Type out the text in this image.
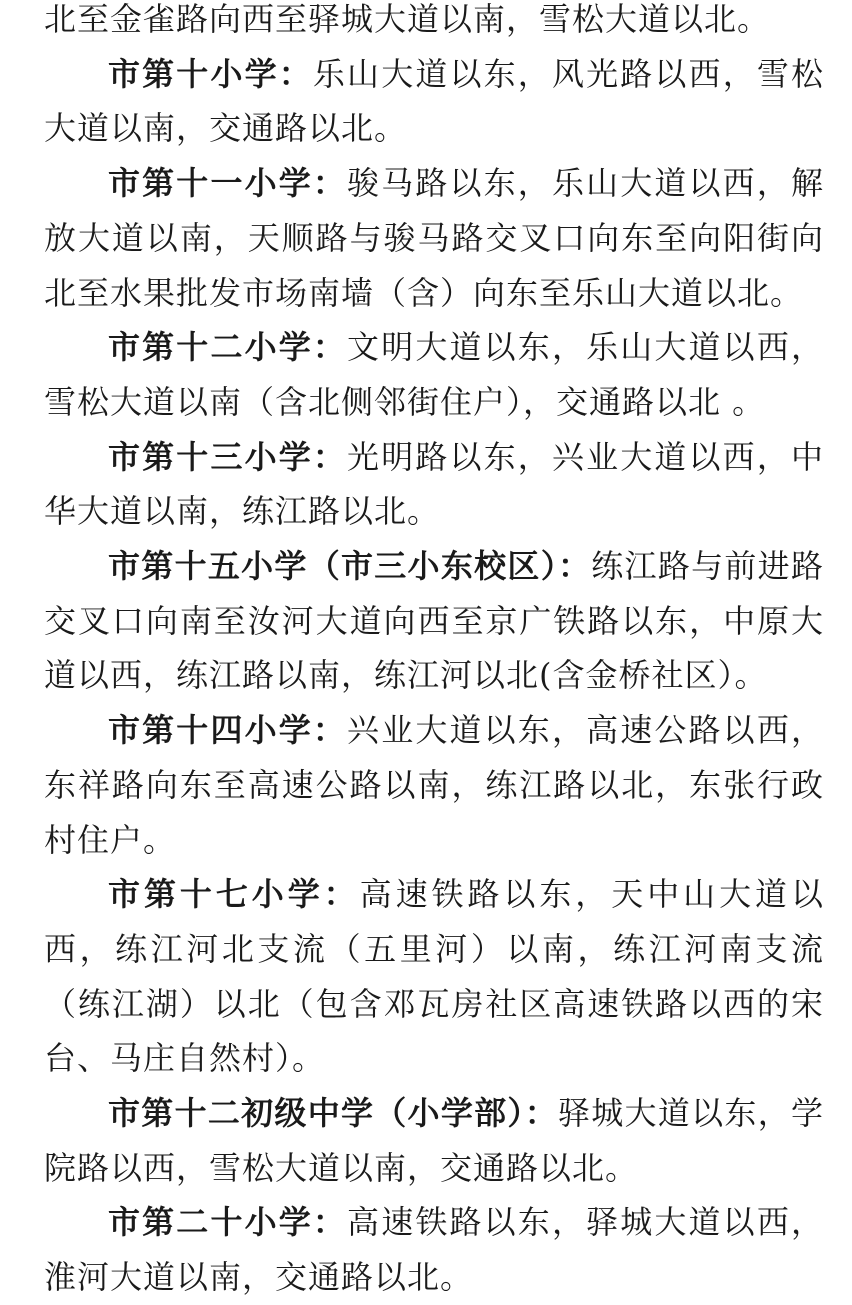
北至金雀路向西至驿城大道以南，雪松大道以北。

市第十小学：乐山大道以东，风光路以西，雪松大道以南，交通路以北。

市第十一小学：骏马路以东，乐山大道以西，解放大道以南，天顺路与骏马路交叉口向东至向阳街向北至水果批发市场南墙（含）向东至乐山大道以北。

市第十二小学：文明大道以东，乐山大道以西，雪松大道以南（含北侧邻街住户），交通路以北 。

市第十三小学：光明路以东，兴业大道以西，中华大道以南，练江路以北。

市第十五小学（市三小东校区）：练江路与前进路交叉口向南至汝河大道向西至京广铁路以东，中原大道以西，练江路以南，练江河以北(含金桥社区）。

市第十四小学：兴业大道以东，高速公路以西，东祥路向东至高速公路以南，练江路以北，东张行政村住户。

市第十七小学：高速铁路以东，天中山大道以西，练江河北支流（五里河）以南，练江河南支流（练江湖）以北（包含邓瓦房社区高速铁路以西的宋台、马庄自然村）。

市第十二初级中学（小学部）：驿城大道以东，学院路以西，雪松大道以南，交通路以北。

市第二十小学：高速铁路以东，驿城大道以西，淮河大道以南，交通路以北。
